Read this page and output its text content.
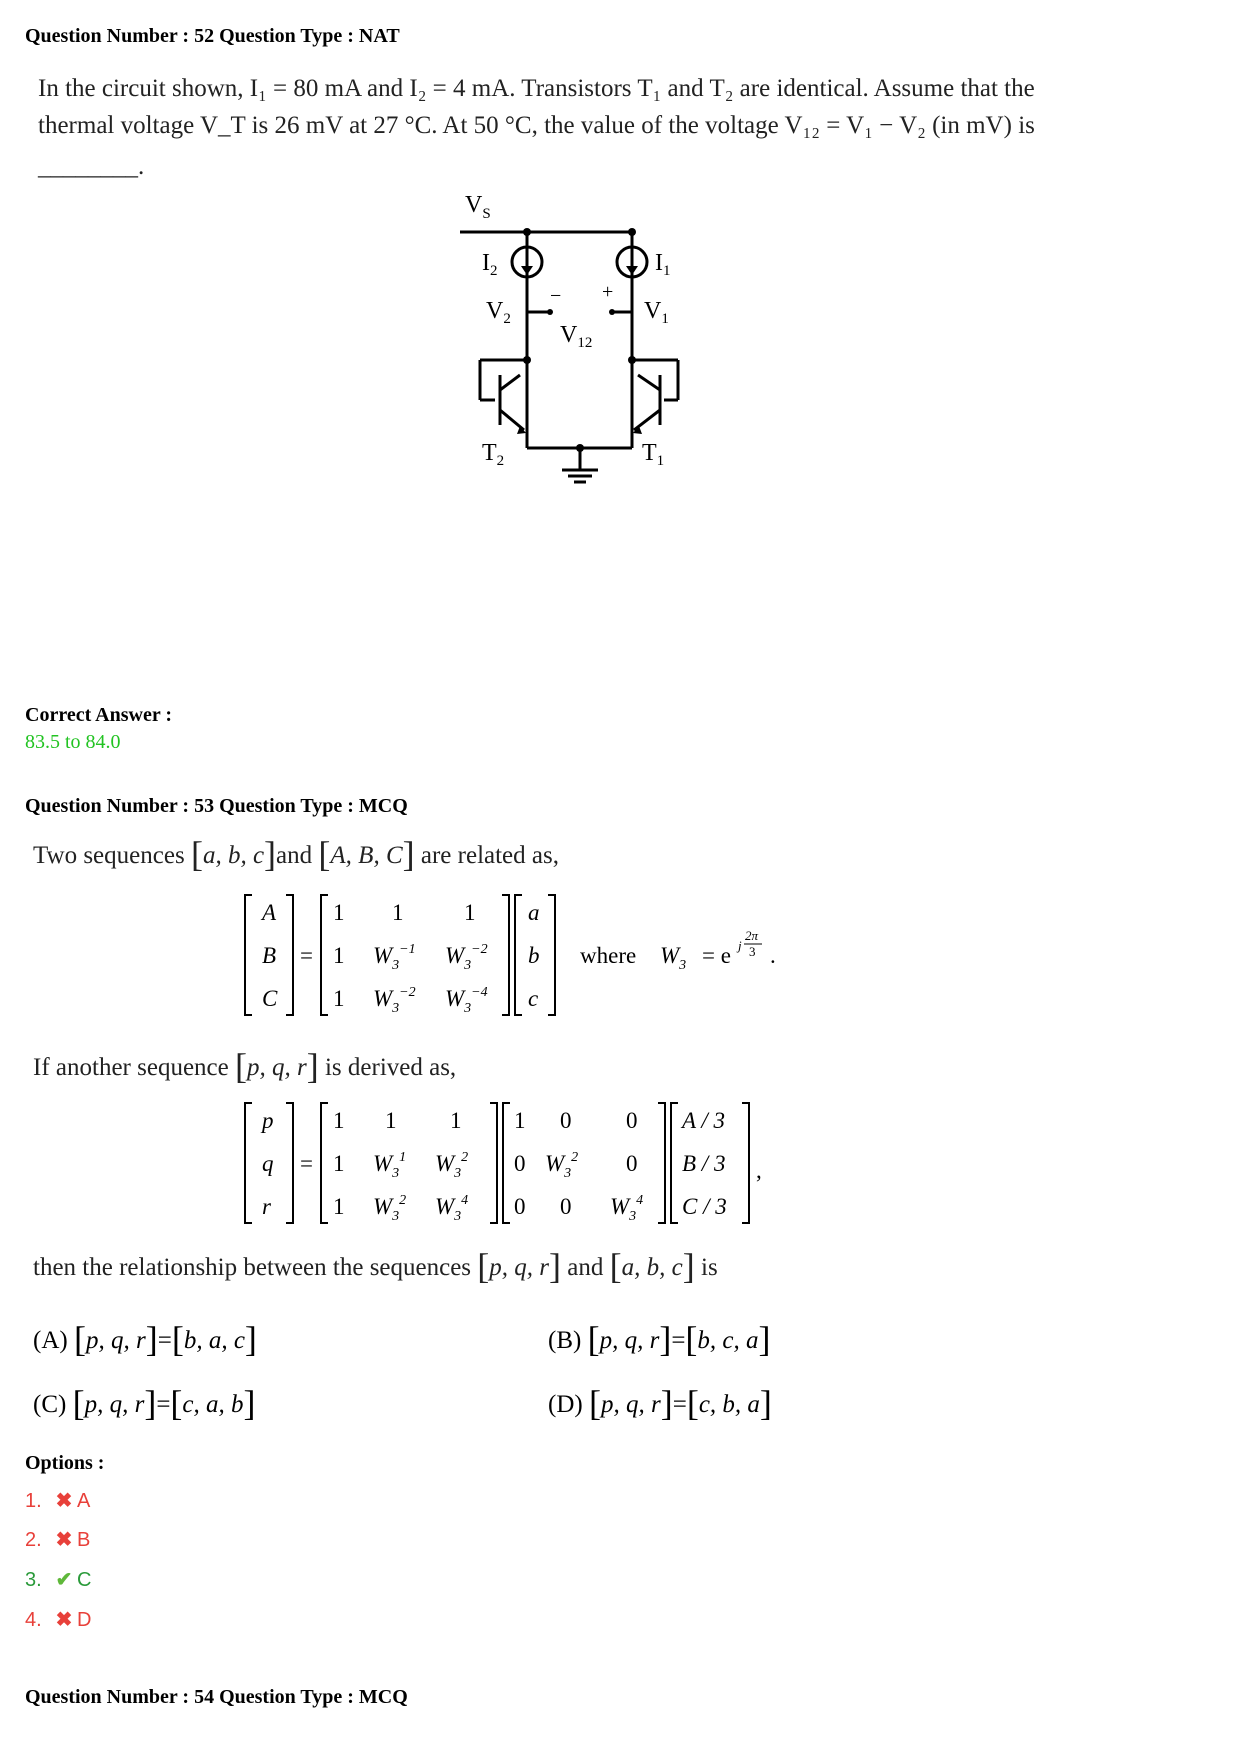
Question Number : 52 Question Type : NAT
In the circuit shown, I₁ = 80 mA and I₂ = 4 mA. Transistors T₁ and T₂ are identical. Assume that the
thermal voltage V_T is 26 mV at 27 °C. At 50 °C, the value of the voltage V₁₂ = V₁ − V₂ (in mV) is
________.
$V_S$
$I_2$	$I_1$
$V_2$	$V_1$
$V_{12}$
$T_2$	$T_1$
− +
Correct Answer :
83.5 to 84.0
Question Number : 53 Question Type : MCQ
Two sequences [a, b, c]and [A, B, C] are related as,
A
B
C
=
1 1	1
1 $W_3^{-1}$ $W_3^{-2}$
1 $W_3^{-2}$ $W_3^{-4}$
a
b
c
where $W_3 = e$ j
2π
3 .
If another sequence [p, q, r] is derived as,
p
q
r
=
1 1 1
1 $W_3^1$ $W_3^2$
1 $W_3^2$ $W_3^4$
1 0 0
0 $W_3^2$ 0
0 0 $W_3^4$
A / 3
B / 3
C / 3
,
then the relationship between the sequences [p, q, r] and [a, b, c] is
(A) [p, q, r]=[b, a, c]	(B) [p, q, r]=[b, c, a]
(C) [p, q, r]=[c, a, b]	(D) [p, q, r]=[c, b, a]
Options :
1. ✖ A
2. ✖ B
3. ✔ C
4. ✖ D
Question Number : 54 Question Type : MCQ
